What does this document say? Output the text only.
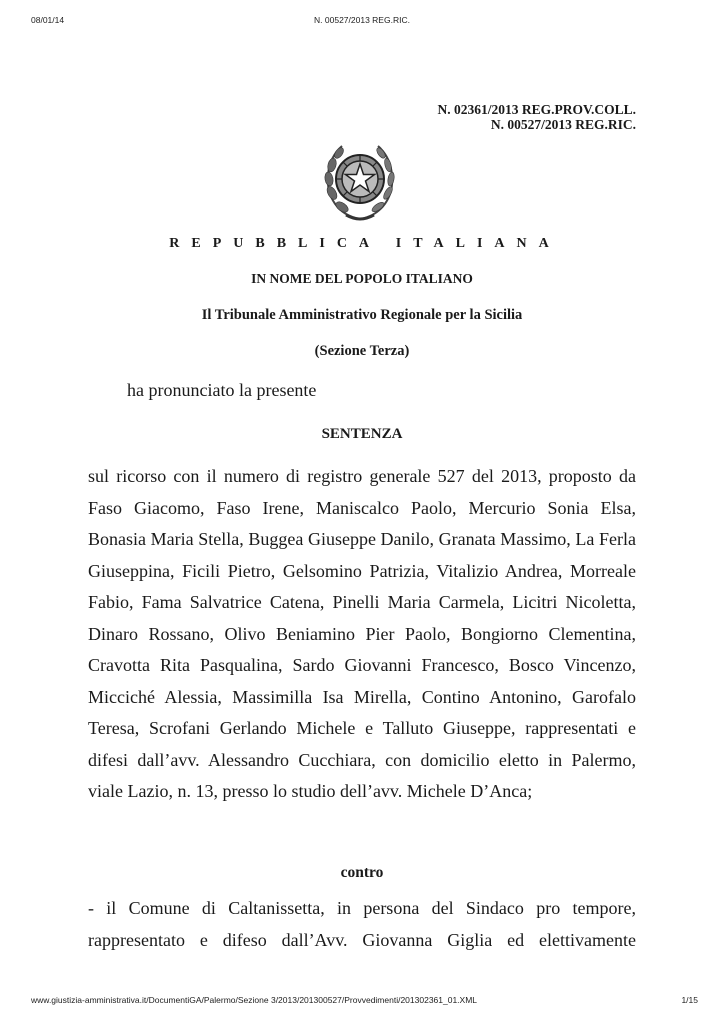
08/01/14	N. 00527/2013 REG.RIC.
N. 02361/2013 REG.PROV.COLL.
N. 00527/2013 REG.RIC.
REPUBBLICA ITALIANA
IN NOME DEL POPOLO ITALIANO
Il Tribunale Amministrativo Regionale per la Sicilia
(Sezione Terza)
ha pronunciato la presente
SENTENZA

sul ricorso con il numero di registro generale 527 del 2013, proposto da Faso Giacomo, Faso Irene, Maniscalco Paolo, Mercurio Sonia Elsa, Bonasia Maria Stella, Buggea Giuseppe Danilo, Granata Massimo, La Ferla Giuseppina, Ficili Pietro, Gelsomino Patrizia, Vitalizio Andrea, Morreale Fabio, Fama Salvatrice Catena, Pinelli Maria Carmela, Licitri Nicoletta, Dinaro Rossano, Olivo Beniamino Pier Paolo, Bongiorno Clementina, Cravotta Rita Pasqualina, Sardo Giovanni Francesco, Bosco Vincenzo, Micciché Alessia, Massimilla Isa Mirella, Contino Antonino, Garofalo Teresa, Scrofani Gerlando Michele e Talluto Giuseppe, rappresentati e difesi dall’avv. Alessandro Cucchiara, con domicilio eletto in Palermo, viale Lazio, n. 13, presso lo studio dell’avv. Michele D’Anca;

contro
- il Comune di Caltanissetta, in persona del Sindaco pro tempore,
rappresentato e difeso dall’Avv. Giovanna Giglia ed elettivamente
www.giustizia-amministrativa.it/DocumentiGA/Palermo/Sezione 3/2013/201300527/Provvedimenti/201302361_01.XML	1/15
